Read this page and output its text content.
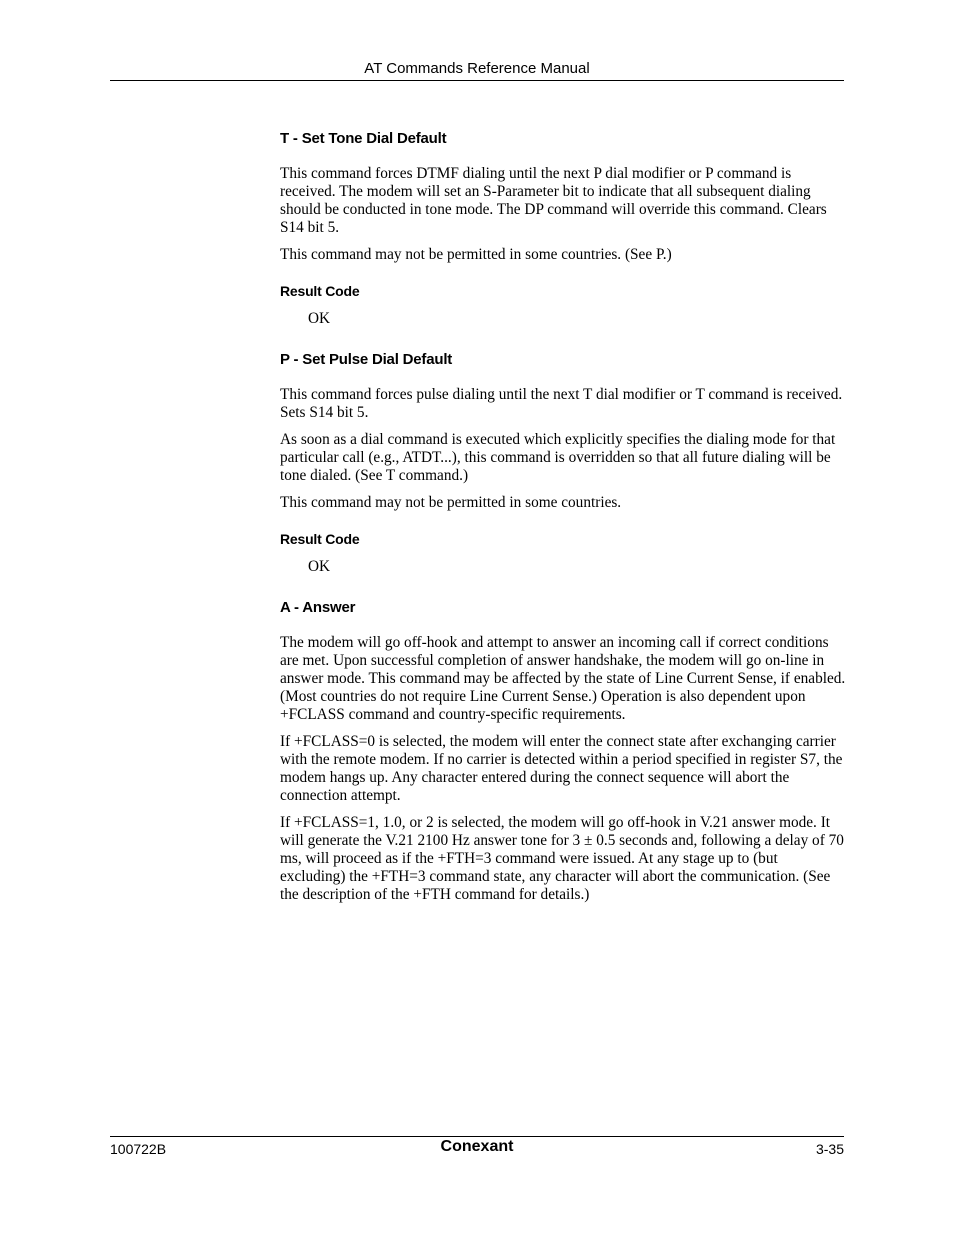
AT Commands Reference Manual
T - Set Tone Dial Default

This command forces DTMF dialing until the next P dial modifier or P command is received. The modem will set an S-Parameter bit to indicate that all subsequent dialing should be conducted in tone mode. The DP command will override this command. Clears S14 bit 5.

This command may not be permitted in some countries. (See P.)

Result Code
OK
P - Set Pulse Dial Default

This command forces pulse dialing until the next T dial modifier or T command is received. Sets S14 bit 5.

As soon as a dial command is executed which explicitly specifies the dialing mode for that particular call (e.g., ATDT...), this command is overridden so that all future dialing will be tone dialed. (See T command.)

This command may not be permitted in some countries.

Result Code
OK
A - Answer

The modem will go off-hook and attempt to answer an incoming call if correct conditions are met. Upon successful completion of answer handshake, the modem will go on-line in answer mode. This command may be affected by the state of Line Current Sense, if enabled. (Most countries do not require Line Current Sense.) Operation is also dependent upon +FCLASS command and country-specific requirements.

If +FCLASS=0 is selected, the modem will enter the connect state after exchanging carrier with the remote modem. If no carrier is detected within a period specified in register S7, the modem hangs up. Any character entered during the connect sequence will abort the connection attempt.

If +FCLASS=1, 1.0, or 2 is selected, the modem will go off-hook in V.21 answer mode. It will generate the V.21 2100 Hz answer tone for 3 ± 0.5 seconds and, following a delay of 70 ms, will proceed as if the +FTH=3 command were issued. At any stage up to (but excluding) the +FTH=3 command state, any character will abort the communication. (See the description of the +FTH command for details.)

100722B	Conexant	3-35
